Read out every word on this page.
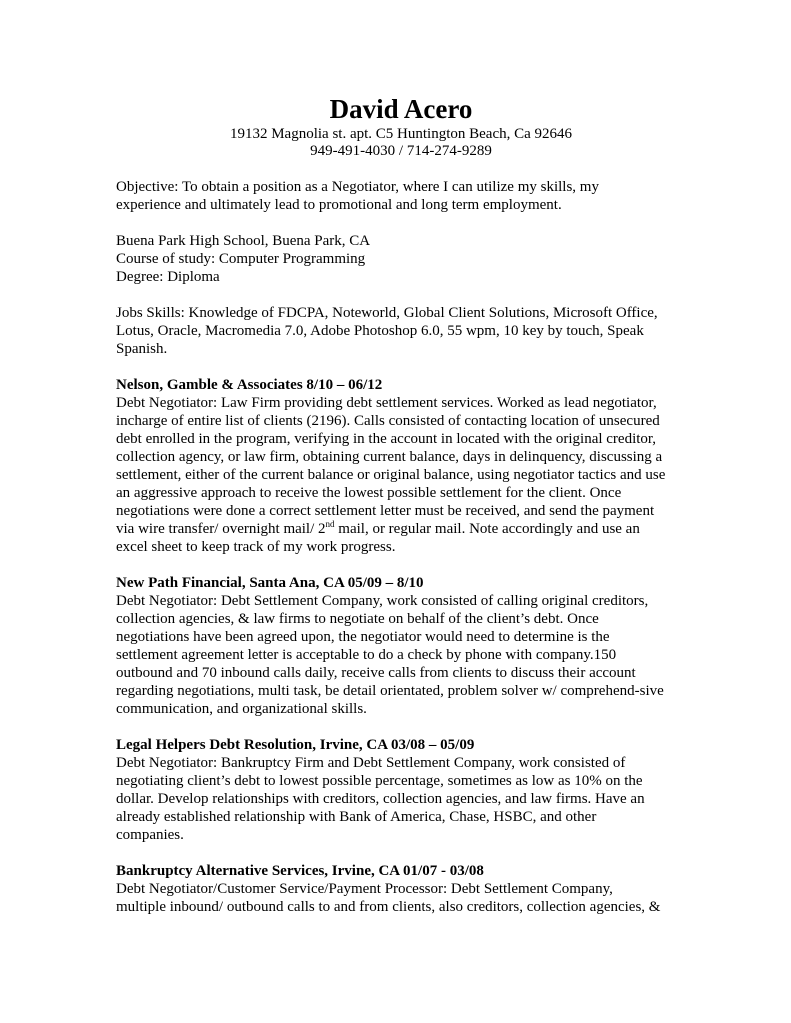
David Acero

19132 Magnolia st. apt. C5 Huntington Beach, Ca 92646

949-491-4030 / 714-274-9289

Objective: To obtain a position as a Negotiator, where I can utilize my skills, my

experience and ultimately lead to promotional and long term employment.

Buena Park High School, Buena Park, CA

Course of study: Computer Programming

Degree: Diploma

Jobs Skills: Knowledge of FDCPA, Noteworld, Global Client Solutions, Microsoft Office,

Lotus, Oracle, Macromedia 7.0, Adobe Photoshop 6.0, 55 wpm, 10 key by touch, Speak

Spanish.

Nelson, Gamble & Associates 8/10 – 06/12

Debt Negotiator: Law Firm providing debt settlement services. Worked as lead negotiator,

incharge of entire list of clients (2196). Calls consisted of contacting location of unsecured

debt enrolled in the program, verifying in the account in located with the original creditor,

collection agency, or law firm, obtaining current balance, days in delinquency, discussing a

settlement, either of the current balance or original balance, using negotiator tactics and use

an aggressive approach to receive the lowest possible settlement for the client. Once

negotiations were done a correct settlement letter must be received, and send the payment

via wire transfer/ overnight mail/ 2nd mail, or regular mail. Note accordingly and use an

excel sheet to keep track of my work progress.

New Path Financial, Santa Ana, CA 05/09 – 8/10

Debt Negotiator: Debt Settlement Company, work consisted of calling original creditors,

collection agencies, & law firms to negotiate on behalf of the client’s debt. Once

negotiations have been agreed upon, the negotiator would need to determine is the

settlement agreement letter is acceptable to do a check by phone with company.150

outbound and 70 inbound calls daily, receive calls from clients to discuss their account

regarding negotiations, multi task, be detail orientated, problem solver w/ comprehend-sive

communication, and organizational skills.

Legal Helpers Debt Resolution, Irvine, CA 03/08 – 05/09

Debt Negotiator: Bankruptcy Firm and Debt Settlement Company, work consisted of

negotiating client’s debt to lowest possible percentage, sometimes as low as 10% on the

dollar. Develop relationships with creditors, collection agencies, and law firms. Have an

already established relationship with Bank of America, Chase, HSBC, and other

companies.

Bankruptcy Alternative Services, Irvine, CA 01/07 - 03/08

Debt Negotiator/Customer Service/Payment Processor: Debt Settlement Company,

multiple inbound/ outbound calls to and from clients, also creditors, collection agencies, &
